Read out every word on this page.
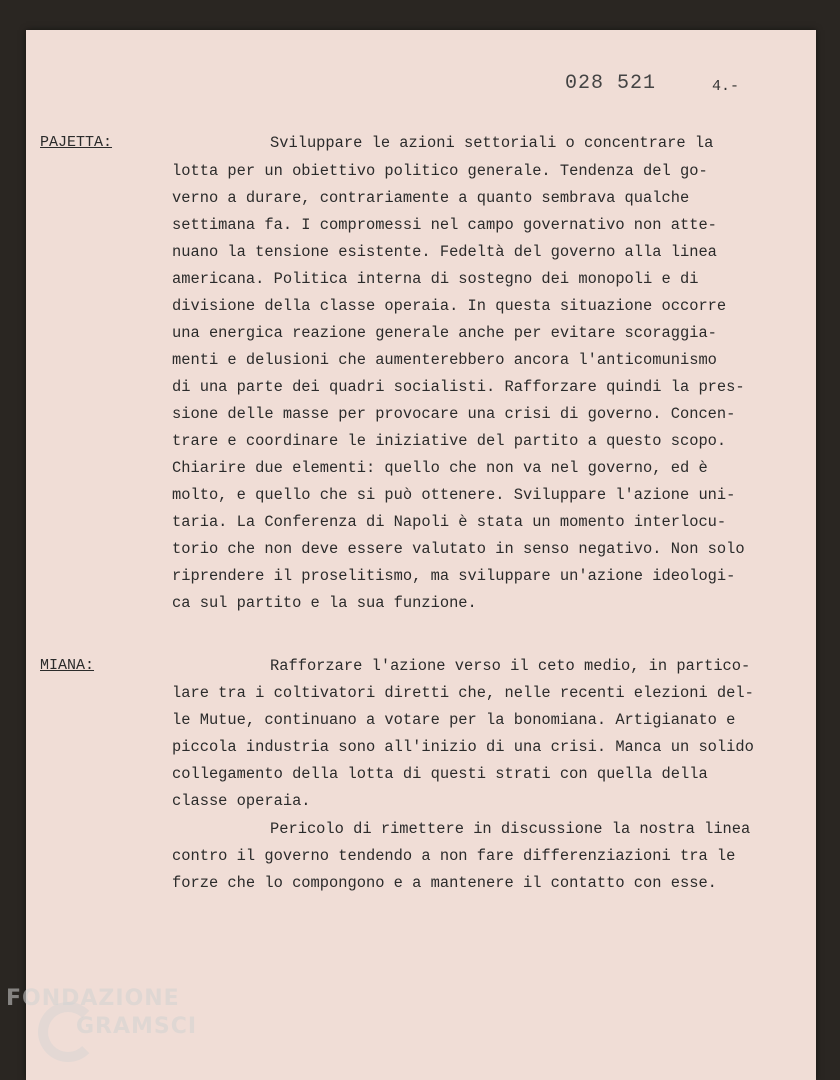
028 521	4.-
PAJETTA:	Sviluppare le azioni settoriali o concentrare la
lotta per un obiettivo politico generale. Tendenza del go-
verno a durare, contrariamente a quanto sembrava qualche
settimana fa. I compromessi nel campo governativo non atte-
nuano la tensione esistente. Fedeltà del governo alla linea
americana. Politica interna di sostegno dei monopoli e di
divisione della classe operaia. In questa situazione occorre
una energica reazione generale anche per evitare scoraggia-
menti e delusioni che aumenterebbero ancora l'anticomunismo
di una parte dei quadri socialisti. Rafforzare quindi la pres-
sione delle masse per provocare una crisi di governo. Concen-
trare e coordinare le iniziative del partito a questo scopo.
Chiarire due elementi: quello che non va nel governo, ed è
molto, e quello che si può ottenere. Sviluppare l'azione uni-
taria. La Conferenza di Napoli è stata un momento interlocu-
torio che non deve essere valutato in senso negativo. Non solo
riprendere il proselitismo, ma sviluppare un'azione ideologi-
ca sul partito e la sua funzione.
MIANA:	Rafforzare l'azione verso il ceto medio, in partico-
lare tra i coltivatori diretti che, nelle recenti elezioni del-
le Mutue, continuano a votare per la bonomiana. Artigianato e
piccola industria sono all'inizio di una crisi. Manca un solido
collegamento della lotta di questi strati con quella della
classe operaia.
Pericolo di rimettere in discussione la nostra linea
contro il governo tendendo a non fare differenziazioni tra le
forze che lo compongono e a mantenere il contatto con esse.
FONDAZIONE
GRAMSCI
